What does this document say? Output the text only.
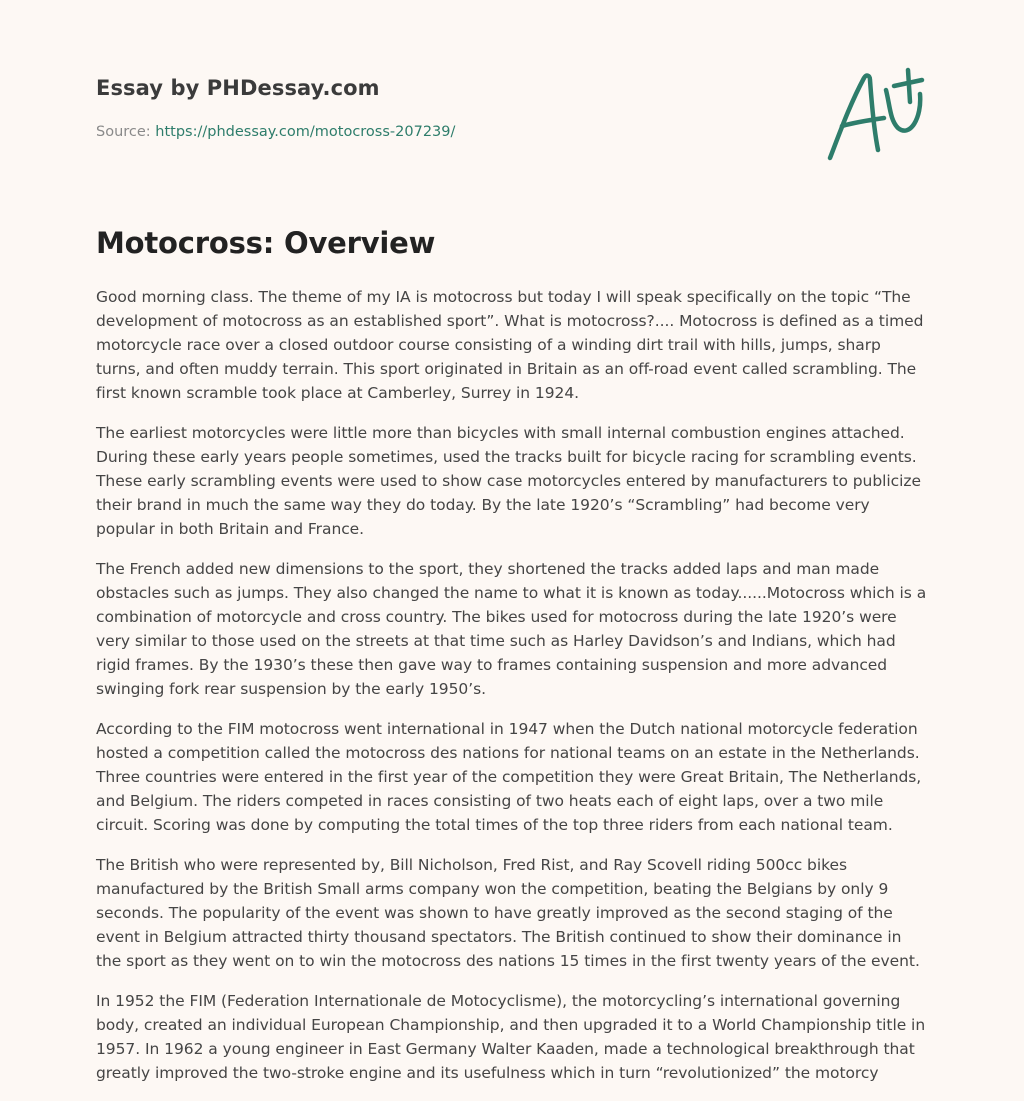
Essay by PHDessay.com
Source: https://phdessay.com/motocross-207239/
Motocross: Overview

Good morning class. The theme of my IA is motocross but today I will speak specifically on the topic “The development of motocross as an established sport”. What is motocross?.... Motocross is defined as a timed motorcycle race over a closed outdoor course consisting of a winding dirt trail with hills, jumps, sharp turns, and often muddy terrain. This sport originated in Britain as an off-road event called scrambling. The first known scramble took place at Camberley, Surrey in 1924.

The earliest motorcycles were little more than bicycles with small internal combustion engines attached. During these early years people sometimes, used the tracks built for bicycle racing for scrambling events. These early scrambling events were used to show case motorcycles entered by manufacturers to publicize their brand in much the same way they do today. By the late 1920’s “Scrambling” had become very popular in both Britain and France.

The French added new dimensions to the sport, they shortened the tracks added laps and man made obstacles such as jumps. They also changed the name to what it is known as today......Motocross which is a combination of motorcycle and cross country. The bikes used for motocross during the late 1920’s were very similar to those used on the streets at that time such as Harley Davidson’s and Indians, which had rigid frames. By the 1930’s these then gave way to frames containing suspension and more advanced swinging fork rear suspension by the early 1950’s.

According to the FIM motocross went international in 1947 when the Dutch national motorcycle federation hosted a competition called the motocross des nations for national teams on an estate in the Netherlands. Three countries were entered in the first year of the competition they were Great Britain, The Netherlands, and Belgium. The riders competed in races consisting of two heats each of eight laps, over a two mile circuit. Scoring was done by computing the total times of the top three riders from each national team.

The British who were represented by, Bill Nicholson, Fred Rist, and Ray Scovell riding 500cc bikes manufactured by the British Small arms company won the competition, beating the Belgians by only 9 seconds. The popularity of the event was shown to have greatly improved as the second staging of the event in Belgium attracted thirty thousand spectators. The British continued to show their dominance in the sport as they went on to win the motocross des nations 15 times in the first twenty years of the event.

In 1952 the FIM (Federation Internationale de Motocyclisme), the motorcycling’s international governing body, created an individual European Championship, and then upgraded it to a World Championship title in 1957. In 1962 a young engineer in East Germany Walter Kaaden, made a technological breakthrough that greatly improved the two-stroke engine and its usefulness which in turn “revolutionized” the motorcy
